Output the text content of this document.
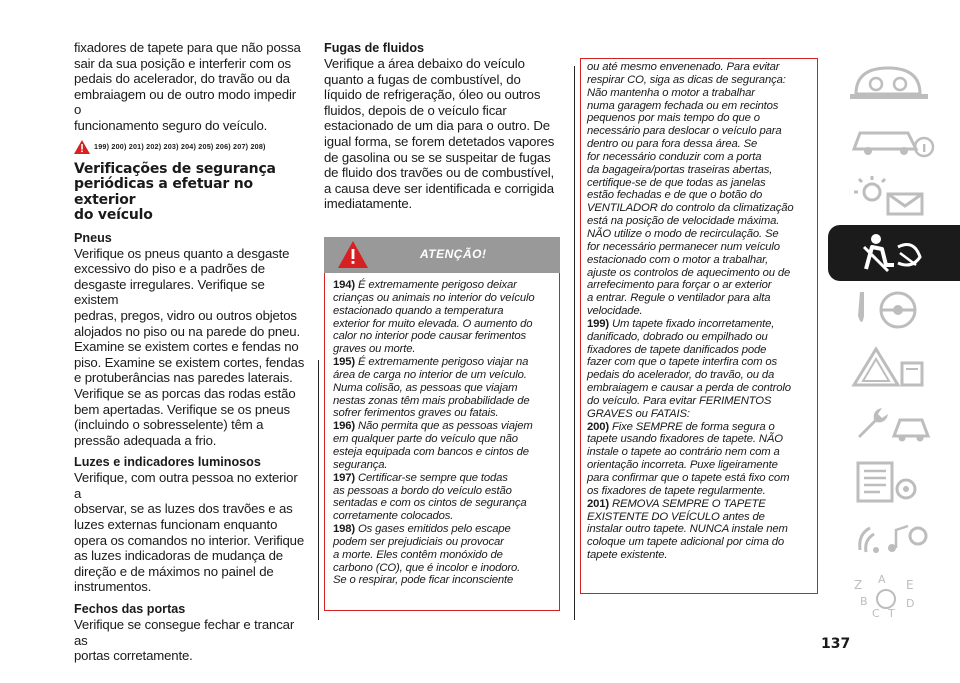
fixadores de tapete para que não possa
sair da sua posição e interferir com os
pedais do acelerador, do travão ou da
embraiagem ou de outro modo impedir o
funcionamento seguro do veículo.
199) 200) 201) 202) 203) 204) 205) 206) 207) 208)
Verificações de segurança
periódicas a efetuar no exterior
do veículo
Pneus
Verifique os pneus quanto a desgaste
excessivo do piso e a padrões de
desgaste irregulares. Verifique se existem
pedras, pregos, vidro ou outros objetos
alojados no piso ou na parede do pneu.
Examine se existem cortes e fendas no
piso. Examine se existem cortes, fendas
e protuberâncias nas paredes laterais.
Verifique se as porcas das rodas estão
bem apertadas. Verifique se os pneus
(incluindo o sobresselente) têm a
pressão adequada a frio.
Luzes e indicadores luminosos
Verifique, com outra pessoa no exterior a
observar, se as luzes dos travões e as
luzes externas funcionam enquanto
opera os comandos no interior. Verifique
as luzes indicadoras de mudança de
direção e de máximos no painel de
instrumentos.
Fechos das portas
Verifique se consegue fechar e trancar as
portas corretamente.
Fugas de fluidos
Verifique a área debaixo do veículo
quanto a fugas de combustível, do
líquido de refrigeração, óleo ou outros
fluidos, depois de o veículo ficar
estacionado de um dia para o outro. De
igual forma, se forem detetados vapores
de gasolina ou se se suspeitar de fugas
de fluido dos travões ou de combustível,
a causa deve ser identificada e corrigida
imediatamente.
ATENÇÃO!
194) É extremamente perigoso deixar
crianças ou animais no interior do veículo
estacionado quando a temperatura
exterior for muito elevada. O aumento do
calor no interior pode causar ferimentos
graves ou morte.
195) É extremamente perigoso viajar na
área de carga no interior de um veículo.
Numa colisão, as pessoas que viajam
nestas zonas têm mais probabilidade de
sofrer ferimentos graves ou fatais.
196) Não permita que as pessoas viajem
em qualquer parte do veículo que não
esteja equipada com bancos e cintos de
segurança.
197) Certificar-se sempre que todas
as pessoas a bordo do veículo estão
sentadas e com os cintos de segurança
corretamente colocados.
198) Os gases emitidos pelo escape
podem ser prejudiciais ou provocar
a morte. Eles contêm monóxido de
carbono (CO), que é incolor e inodoro.
Se o respirar, pode ficar inconsciente
ou até mesmo envenenado. Para evitar
respirar CO, siga as dicas de segurança:
Não mantenha o motor a trabalhar
numa garagem fechada ou em recintos
pequenos por mais tempo do que o
necessário para deslocar o veículo para
dentro ou para fora dessa área. Se
for necessário conduzir com a porta
da bagageira/portas traseiras abertas,
certifique-se de que todas as janelas
estão fechadas e de que o botão do
VENTILADOR do controlo da climatização
está na posição de velocidade máxima.
NÃO utilize o modo de recirculação. Se
for necessário permanecer num veículo
estacionado com o motor a trabalhar,
ajuste os controlos de aquecimento ou de
arrefecimento para forçar o ar exterior
a entrar. Regule o ventilador para alta
velocidade.
199) Um tapete fixado incorretamente,
danificado, dobrado ou empilhado ou
fixadores de tapete danificados pode
fazer com que o tapete interfira com os
pedais do acelerador, do travão, ou da
embraiagem e causar a perda de controlo
do veículo. Para evitar FERIMENTOS
GRAVES ou FATAIS:
200) Fixe SEMPRE de forma segura o
tapete usando fixadores de tapete. NÃO
instale o tapete ao contrário nem com a
orientação incorreta. Puxe ligeiramente
para confirmar que o tapete está fixo com
os fixadores de tapete regularmente.
201) REMOVA SEMPRE O TAPETE
EXISTENTE DO VEÍCULO antes de
instalar outro tapete. NUNCA instale nem
coloque um tapete adicional por cima do
tapete existente.
137
Z A E
B	D
C T
